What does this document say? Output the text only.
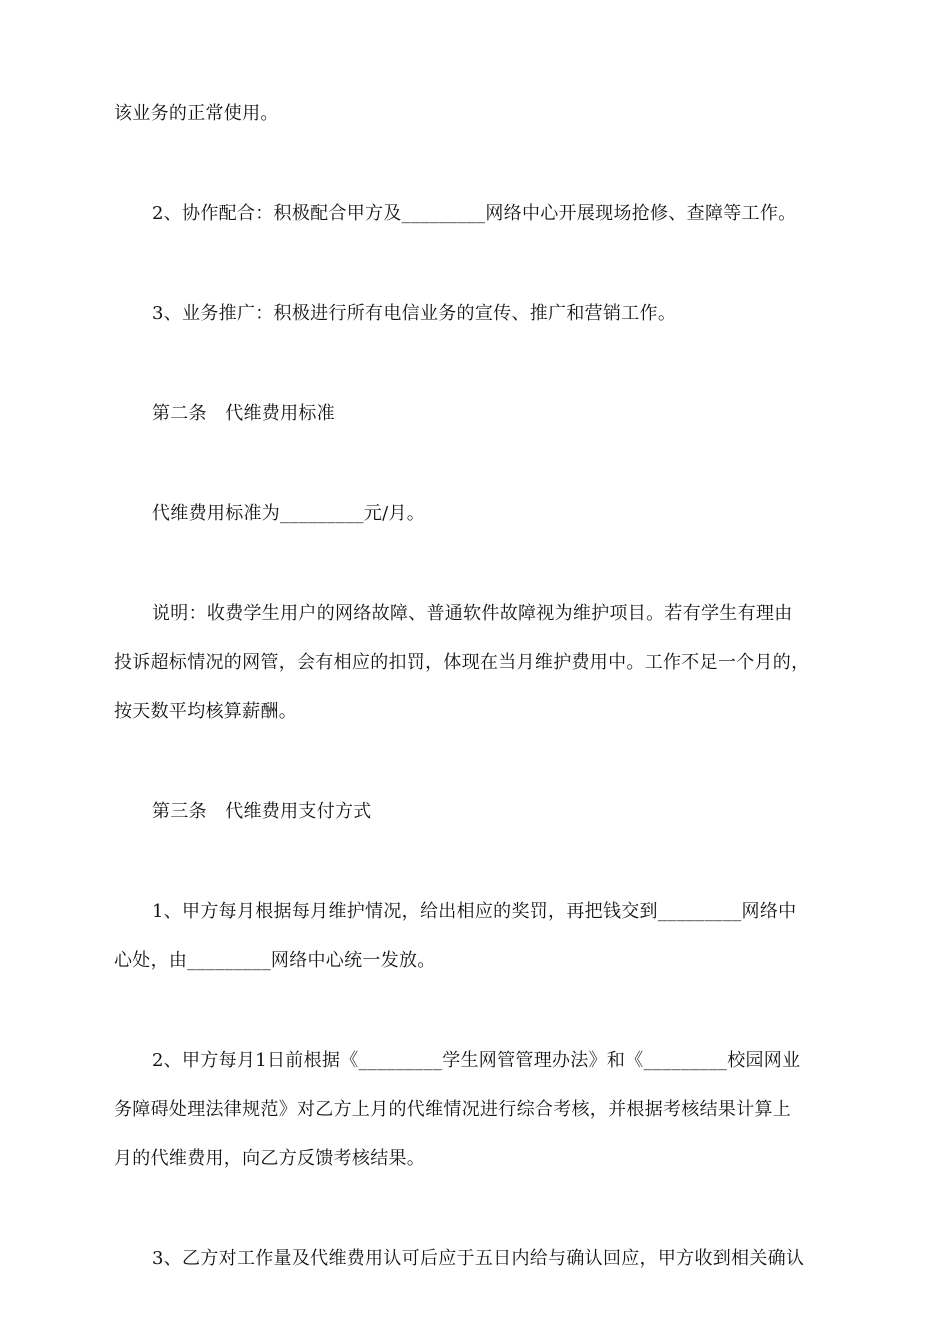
该业务的正常使用。
2、协作配合：积极配合甲方及_________网络中心开展现场抢修、查障等工作。
3、业务推广：积极进行所有电信业务的宣传、推广和营销工作。
第二条　代维费用标准
代维费用标准为_________元/月。
说明：收费学生用户的网络故障、普通软件故障视为维护项目。若有学生有理由
投诉超标情况的网管，会有相应的扣罚，体现在当月维护费用中。工作不足一个月的，
按天数平均核算薪酬。
第三条　代维费用支付方式
1、甲方每月根据每月维护情况，给出相应的奖罚，再把钱交到_________网络中
心处，由_________网络中心统一发放。
2、甲方每月1日前根据《_________学生网管管理办法》和《_________校园网业
务障碍处理法律规范》对乙方上月的代维情况进行综合考核，并根据考核结果计算上
月的代维费用，向乙方反馈考核结果。
3、乙方对工作量及代维费用认可后应于五日内给与确认回应，甲方收到相关确认
